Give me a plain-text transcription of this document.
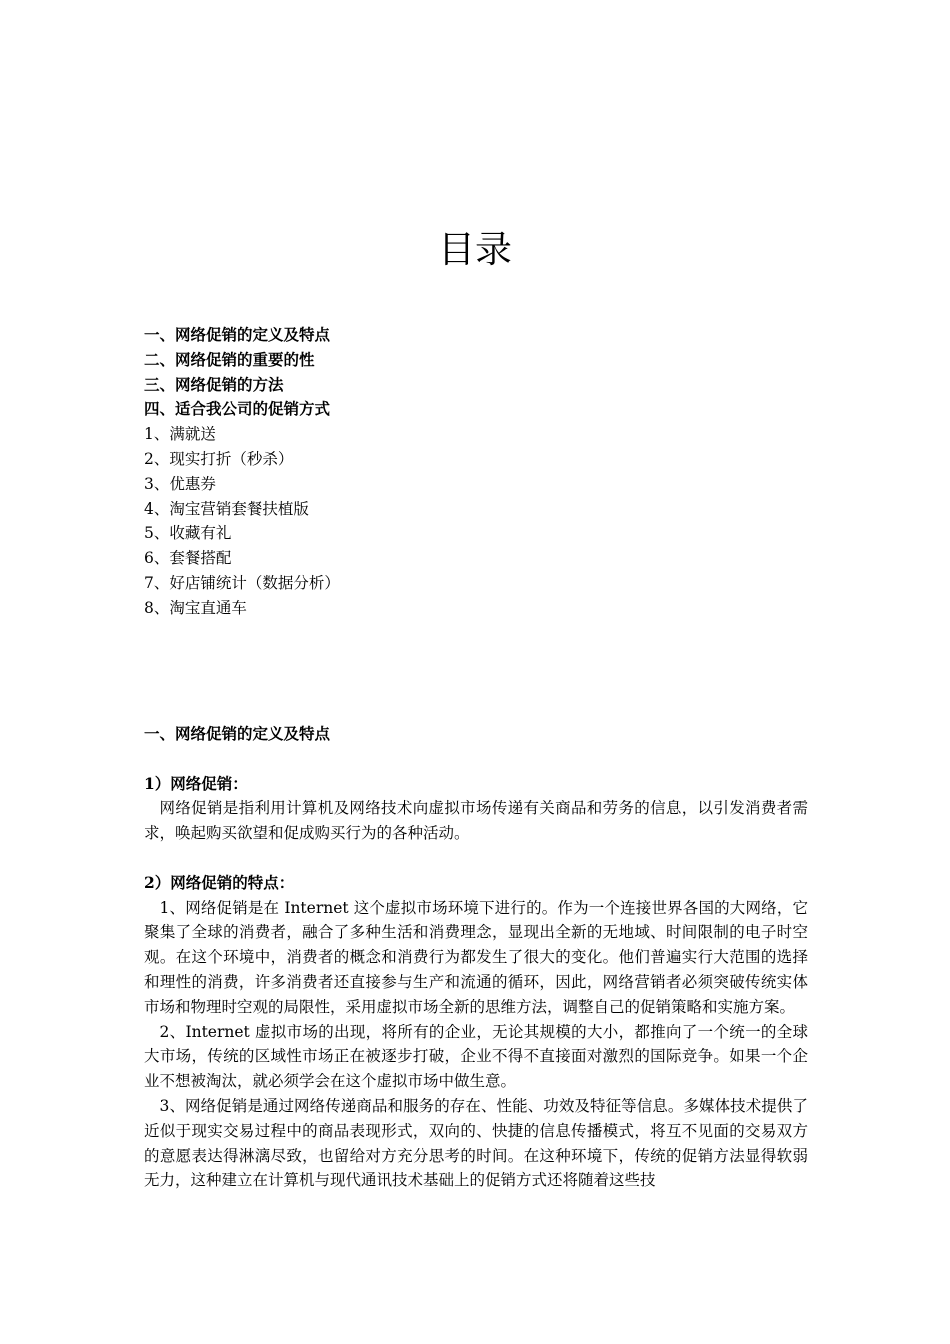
目录
一、网络促销的定义及特点
二、网络促销的重要的性
三、网络促销的方法
四、适合我公司的促销方式
1、满就送
2、现实打折（秒杀）
3、优惠券
4、淘宝营销套餐扶植版
5、收藏有礼
6、套餐搭配
7、好店铺统计（数据分析）
8、淘宝直通车
一、网络促销的定义及特点
1）网络促销：
网络促销是指利用计算机及网络技术向虚拟市场传递有关商品和劳务的信息，以引发消费者需求，唤起购买欲望和促成购买行为的各种活动。
2）网络促销的特点：
1、网络促销是在 Internet 这个虚拟市场环境下进行的。作为一个连接世界各国的大网络，它聚集了全球的消费者，融合了多种生活和消费理念，显现出全新的无地域、时间限制的电子时空观。在这个环境中，消费者的概念和消费行为都发生了很大的变化。他们普遍实行大范围的选择和理性的消费，许多消费者还直接参与生产和流通的循环，因此，网络营销者必须突破传统实体市场和物理时空观的局限性，采用虚拟市场全新的思维方法，调整自己的促销策略和实施方案。
2、Internet 虚拟市场的出现，将所有的企业，无论其规模的大小，都推向了一个统一的全球大市场，传统的区域性市场正在被逐步打破，企业不得不直接面对激烈的国际竞争。如果一个企业不想被淘汰，就必须学会在这个虚拟市场中做生意。
3、网络促销是通过网络传递商品和服务的存在、性能、功效及特征等信息。多媒体技术提供了近似于现实交易过程中的商品表现形式，双向的、快捷的信息传播模式，将互不见面的交易双方的意愿表达得淋漓尽致，也留给对方充分思考的时间。在这种环境下，传统的促销方法显得软弱无力，这种建立在计算机与现代通讯技术基础上的促销方式还将随着这些技
